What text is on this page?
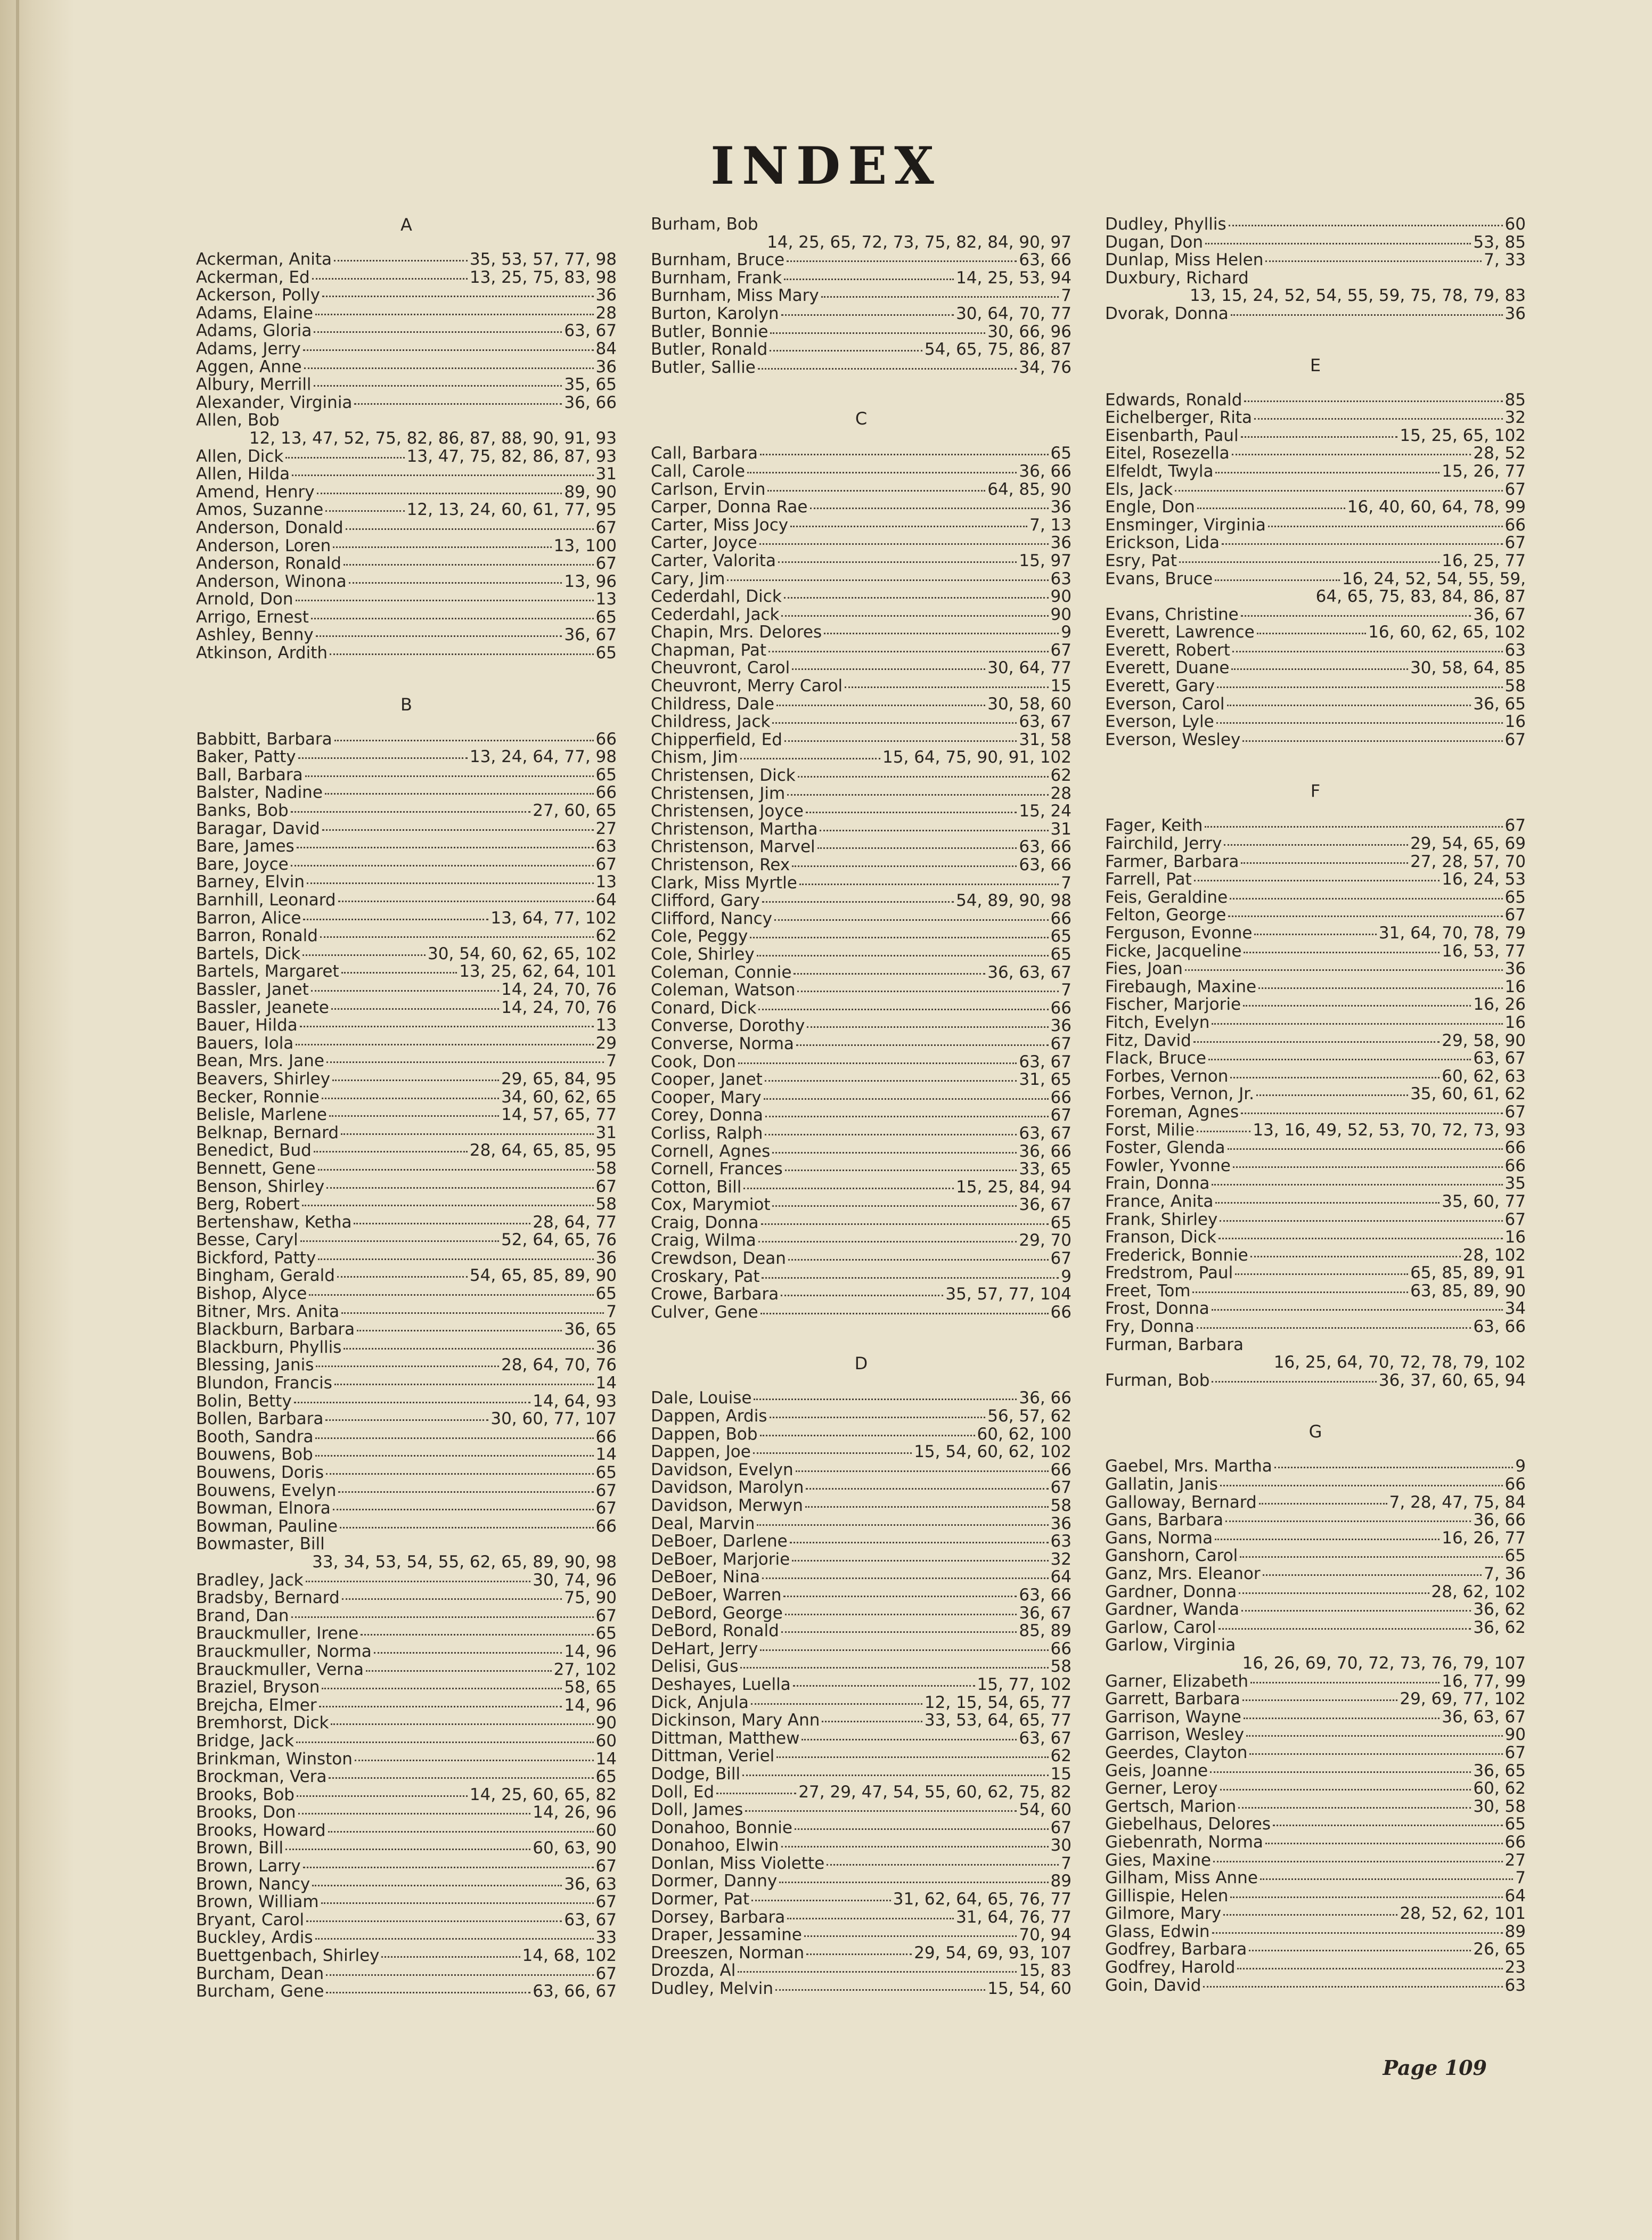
INDEX
A
Ackerman, Anita	35, 53, 57, 77, 98
Ackerman, Ed	13, 25, 75, 83, 98
Ackerson, Polly	36
Adams, Elaine	28
Adams, Gloria	63, 67
Adams, Jerry	84
Aggen, Anne	36
Albury, Merrill	35, 65
Alexander, Virginia	36, 66
Allen, Bob
12, 13, 47, 52, 75, 82, 86, 87, 88, 90, 91, 93
Allen, Dick	13, 47, 75, 82, 86, 87, 93
Allen, Hilda	31
Amend, Henry	89, 90
Amos, Suzanne	12, 13, 24, 60, 61, 77, 95
Anderson, Donald	67
Anderson, Loren	13, 100
Anderson, Ronald	67
Anderson, Winona	13, 96
Arnold, Don	13
Arrigo, Ernest	65
Ashley, Benny	36, 67
Atkinson, Ardith	65
B
Babbitt, Barbara	66
Baker, Patty	13, 24, 64, 77, 98
Ball, Barbara	65
Balster, Nadine	66
Banks, Bob	27, 60, 65
Baragar, David	27
Bare, James	63
Bare, Joyce	67
Barney, Elvin	13
Barnhill, Leonard	64
Barron, Alice	13, 64, 77, 102
Barron, Ronald	62
Bartels, Dick	30, 54, 60, 62, 65, 102
Bartels, Margaret	13, 25, 62, 64, 101
Bassler, Janet	14, 24, 70, 76
Bassler, Jeanete	14, 24, 70, 76
Bauer, Hilda	13
Bauers, Iola	29
Bean, Mrs. Jane	7
Beavers, Shirley	29, 65, 84, 95
Becker, Ronnie	34, 60, 62, 65
Belisle, Marlene	14, 57, 65, 77
Belknap, Bernard	31
Benedict, Bud	28, 64, 65, 85, 95
Bennett, Gene	58
Benson, Shirley	67
Berg, Robert	58
Bertenshaw, Ketha	28, 64, 77
Besse, Caryl	52, 64, 65, 76
Bickford, Patty	36
Bingham, Gerald	54, 65, 85, 89, 90
Bishop, Alyce	65
Bitner, Mrs. Anita	7
Blackburn, Barbara	36, 65
Blackburn, Phyllis	36
Blessing, Janis	28, 64, 70, 76
Blundon, Francis	14
Bolin, Betty	14, 64, 93
Bollen, Barbara	30, 60, 77, 107
Booth, Sandra	66
Bouwens, Bob	14
Bouwens, Doris	65
Bouwens, Evelyn	67
Bowman, Elnora	67
Bowman, Pauline	66
Bowmaster, Bill
33, 34, 53, 54, 55, 62, 65, 89, 90, 98
Bradley, Jack	30, 74, 96
Bradsby, Bernard	75, 90
Brand, Dan	67
Brauckmuller, Irene	65
Brauckmuller, Norma	14, 96
Brauckmuller, Verna	27, 102
Braziel, Bryson	58, 65
Brejcha, Elmer	14, 96
Bremhorst, Dick	90
Bridge, Jack	60
Brinkman, Winston	14
Brockman, Vera	65
Brooks, Bob	14, 25, 60, 65, 82
Brooks, Don	14, 26, 96
Brooks, Howard	60
Brown, Bill	60, 63, 90
Brown, Larry	67
Brown, Nancy	36, 63
Brown, William	67
Bryant, Carol	63, 67
Buckley, Ardis	33
Buettgenbach, Shirley	14, 68, 102
Burcham, Dean	67
Burcham, Gene	63, 66, 67
Burham, Bob
14, 25, 65, 72, 73, 75, 82, 84, 90, 97
Burnham, Bruce	63, 66
Burnham, Frank	14, 25, 53, 94
Burnham, Miss Mary	7
Burton, Karolyn	30, 64, 70, 77
Butler, Bonnie	30, 66, 96
Butler, Ronald	54, 65, 75, 86, 87
Butler, Sallie	34, 76
C
Call, Barbara	65
Call, Carole	36, 66
Carlson, Ervin	64, 85, 90
Carper, Donna Rae	36
Carter, Miss Jocy	7, 13
Carter, Joyce	36
Carter, Valorita	15, 97
Cary, Jim	63
Cederdahl, Dick	90
Cederdahl, Jack	90
Chapin, Mrs. Delores	9
Chapman, Pat	67
Cheuvront, Carol	30, 64, 77
Cheuvront, Merry Carol	15
Childress, Dale	30, 58, 60
Childress, Jack	63, 67
Chipperfield, Ed	31, 58
Chism, Jim	15, 64, 75, 90, 91, 102
Christensen, Dick	62
Christensen, Jim	28
Christensen, Joyce	15, 24
Christenson, Martha	31
Christenson, Marvel	63, 66
Christenson, Rex	63, 66
Clark, Miss Myrtle	7
Clifford, Gary	54, 89, 90, 98
Clifford, Nancy	66
Cole, Peggy	65
Cole, Shirley	65
Coleman, Connie	36, 63, 67
Coleman, Watson	7
Conard, Dick	66
Converse, Dorothy	36
Converse, Norma	67
Cook, Don	63, 67
Cooper, Janet	31, 65
Cooper, Mary	66
Corey, Donna	67
Corliss, Ralph	63, 67
Cornell, Agnes	36, 66
Cornell, Frances	33, 65
Cotton, Bill	15, 25, 84, 94
Cox, Marymiot	36, 67
Craig, Donna	65
Craig, Wilma	29, 70
Crewdson, Dean	67
Croskary, Pat	9
Crowe, Barbara	35, 57, 77, 104
Culver, Gene	66
D
Dale, Louise	36, 66
Dappen, Ardis	56, 57, 62
Dappen, Bob	60, 62, 100
Dappen, Joe	15, 54, 60, 62, 102
Davidson, Evelyn	66
Davidson, Marolyn	67
Davidson, Merwyn	58
Deal, Marvin	36
DeBoer, Darlene	63
DeBoer, Marjorie	32
DeBoer, Nina	64
DeBoer, Warren	63, 66
DeBord, George	36, 67
DeBord, Ronald	85, 89
DeHart, Jerry	66
Delisi, Gus	58
Deshayes, Luella	15, 77, 102
Dick, Anjula	12, 15, 54, 65, 77
Dickinson, Mary Ann	33, 53, 64, 65, 77
Dittman, Matthew	63, 67
Dittman, Veriel	62
Dodge, Bill	15
Doll, Ed	27, 29, 47, 54, 55, 60, 62, 75, 82
Doll, James	54, 60
Donahoo, Bonnie	67
Donahoo, Elwin	30
Donlan, Miss Violette	7
Dormer, Danny	89
Dormer, Pat	31, 62, 64, 65, 76, 77
Dorsey, Barbara	31, 64, 76, 77
Draper, Jessamine	70, 94
Dreeszen, Norman	29, 54, 69, 93, 107
Drozda, Al	15, 83
Dudley, Melvin	15, 54, 60
Dudley, Phyllis	60
Dugan, Don	53, 85
Dunlap, Miss Helen	7, 33
Duxbury, Richard
13, 15, 24, 52, 54, 55, 59, 75, 78, 79, 83
Dvorak, Donna	36
E
Edwards, Ronald	85
Eichelberger, Rita	32
Eisenbarth, Paul	15, 25, 65, 102
Eitel, Rosezella	28, 52
Elfeldt, Twyla	15, 26, 77
Els, Jack	67
Engle, Don	16, 40, 60, 64, 78, 99
Ensminger, Virginia	66
Erickson, Lida	67
Esry, Pat	16, 25, 77
Evans, Bruce	16, 24, 52, 54, 55, 59,
64, 65, 75, 83, 84, 86, 87
Evans, Christine	36, 67
Everett, Lawrence	16, 60, 62, 65, 102
Everett, Robert	63
Everett, Duane	30, 58, 64, 85
Everett, Gary	58
Everson, Carol	36, 65
Everson, Lyle	16
Everson, Wesley	67
F
Fager, Keith	67
Fairchild, Jerry	29, 54, 65, 69
Farmer, Barbara	27, 28, 57, 70
Farrell, Pat	16, 24, 53
Feis, Geraldine	65
Felton, George	67
Ferguson, Evonne	31, 64, 70, 78, 79
Ficke, Jacqueline	16, 53, 77
Fies, Joan	36
Firebaugh, Maxine	16
Fischer, Marjorie	16, 26
Fitch, Evelyn	16
Fitz, David	29, 58, 90
Flack, Bruce	63, 67
Forbes, Vernon	60, 62, 63
Forbes, Vernon, Jr.	35, 60, 61, 62
Foreman, Agnes	67
Forst, Milie	13, 16, 49, 52, 53, 70, 72, 73, 93
Foster, Glenda	66
Fowler, Yvonne	66
Frain, Donna	35
France, Anita	35, 60, 77
Frank, Shirley	67
Franson, Dick	16
Frederick, Bonnie	28, 102
Fredstrom, Paul	65, 85, 89, 91
Freet, Tom	63, 85, 89, 90
Frost, Donna	34
Fry, Donna	63, 66
Furman, Barbara
16, 25, 64, 70, 72, 78, 79, 102
Furman, Bob	36, 37, 60, 65, 94
G
Gaebel, Mrs. Martha	9
Gallatin, Janis	66
Galloway, Bernard	7, 28, 47, 75, 84
Gans, Barbara	36, 66
Gans, Norma	16, 26, 77
Ganshorn, Carol	65
Ganz, Mrs. Eleanor	7, 36
Gardner, Donna	28, 62, 102
Gardner, Wanda	36, 62
Garlow, Carol	36, 62
Garlow, Virginia
16, 26, 69, 70, 72, 73, 76, 79, 107
Garner, Elizabeth	16, 77, 99
Garrett, Barbara	29, 69, 77, 102
Garrison, Wayne	36, 63, 67
Garrison, Wesley	90
Geerdes, Clayton	67
Geis, Joanne	36, 65
Gerner, Leroy	60, 62
Gertsch, Marion	30, 58
Giebelhaus, Delores	65
Giebenrath, Norma	66
Gies, Maxine	27
Gilham, Miss Anne	7
Gillispie, Helen	64
Gilmore, Mary	28, 52, 62, 101
Glass, Edwin	89
Godfrey, Barbara	26, 65
Godfrey, Harold	23
Goin, David	63
Page 109
